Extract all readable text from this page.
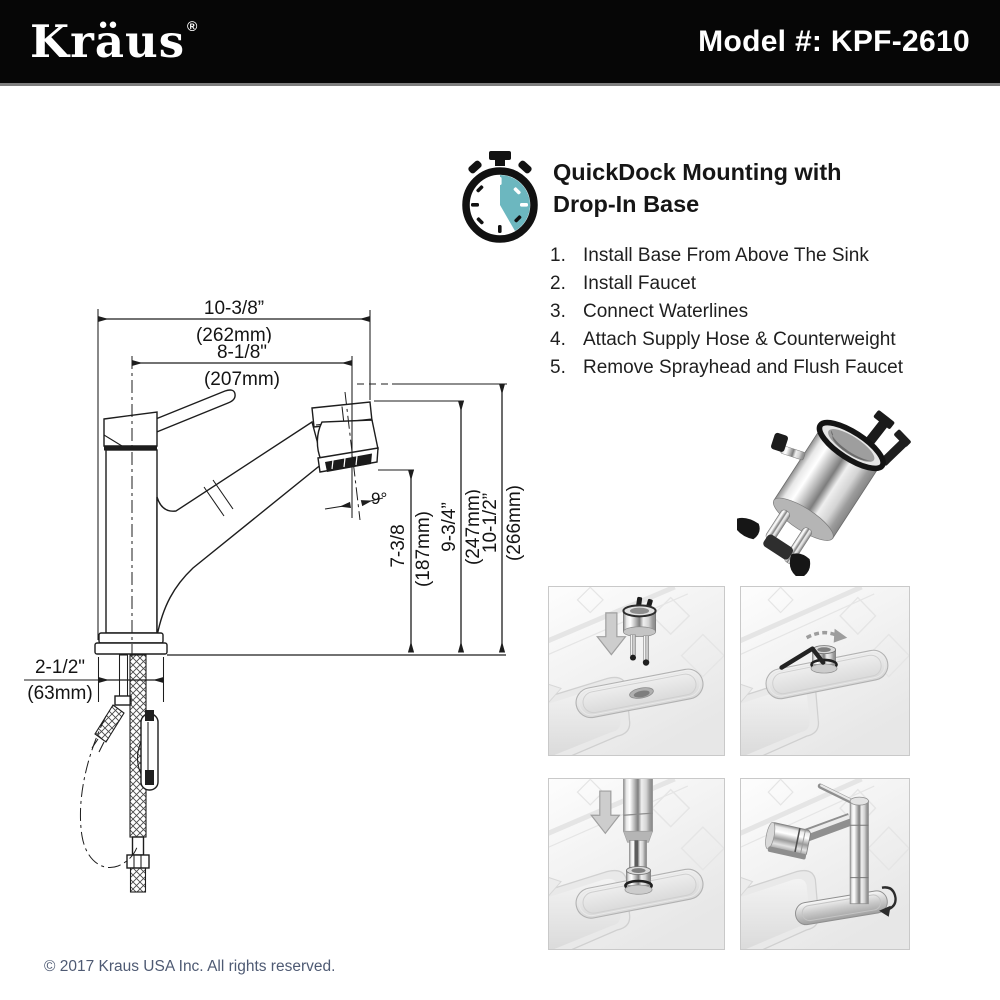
Kräus ®	Model #: KPF-2610
QuickDock Mounting with
Drop-In Base
1. Install Base From Above The Sink
2. Install Faucet
3. Connect Waterlines
4. Attach Supply Hose & Counterweight
5. Remove Sprayhead and Flush Faucet
10-3/8”
(262mm)
8-1/8"
(207mm)
9°
7-3/8 (187mm) 9-3/4” (247mm)
10-1/2” (266mm)
2-1/2"
(63mm)
© 2017 Kraus USA Inc. All rights reserved.
